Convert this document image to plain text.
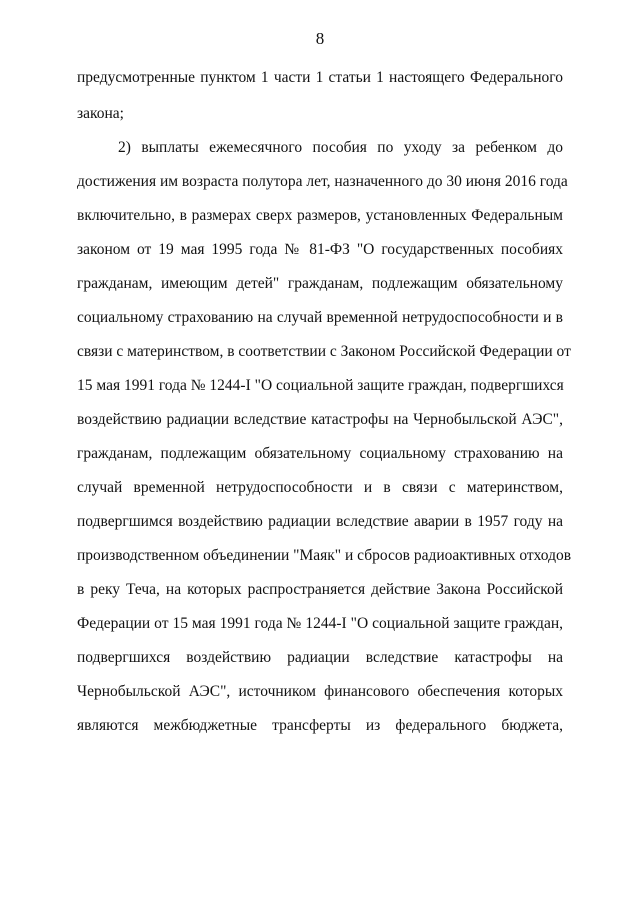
8
предусмотренные пунктом 1 части 1 статьи 1 настоящего Федерального
закона;
2) выплаты ежемесячного пособия по уходу за ребенком до
достижения им возраста полутора лет, назначенного до 30 июня 2016 года
включительно, в размерах сверх размеров, установленных Федеральным
законом от 19 мая 1995 года № 81-ФЗ "О государственных пособиях
гражданам, имеющим детей" гражданам, подлежащим обязательному
социальному страхованию на случай временной нетрудоспособности и в
связи с материнством, в соответствии с Законом Российской Федерации от
15 мая 1991 года № 1244-I "О социальной защите граждан, подвергшихся
воздействию радиации вследствие катастрофы на Чернобыльской АЭС",
гражданам, подлежащим обязательному социальному страхованию на
случай временной нетрудоспособности и в связи с материнством,
подвергшимся воздействию радиации вследствие аварии в 1957 году на
производственном объединении "Маяк" и сбросов радиоактивных отходов
в реку Теча, на которых распространяется действие Закона Российской
Федерации от 15 мая 1991 года № 1244-I "О социальной защите граждан,
подвергшихся воздействию радиации вследствие катастрофы на
Чернобыльской АЭС", источником финансового обеспечения которых
являются межбюджетные трансферты из федерального бюджета,
